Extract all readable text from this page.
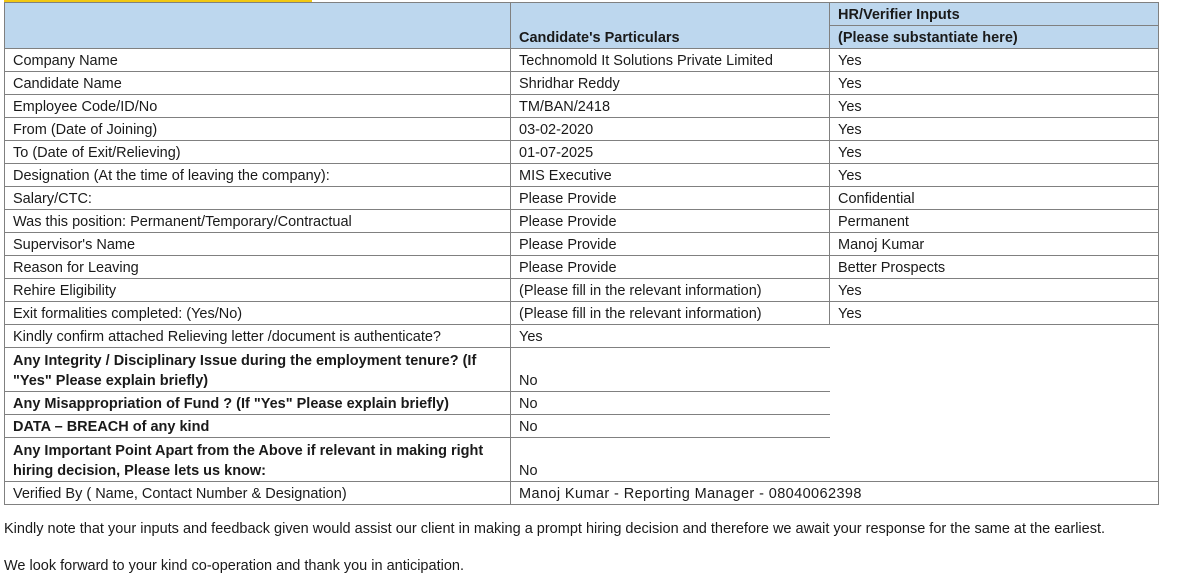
	Candidate's Particulars	HR/Verifier Inputs
		(Please substantiate here)
Company Name	Technomold It Solutions Private Limited	Yes
Candidate Name	Shridhar Reddy	Yes
Employee Code/ID/No	TM/BAN/2418	Yes
From (Date of Joining)	03-02-2020	Yes
To (Date of Exit/Relieving)	01-07-2025	Yes
Designation (At the time of leaving the company):	MIS Executive	Yes
Salary/CTC:	Please Provide	Confidential
Was this position: Permanent/Temporary/Contractual	Please Provide	Permanent
Supervisor's Name	Please Provide	Manoj Kumar
Reason for Leaving	Please Provide	Better Prospects
Rehire Eligibility	(Please fill in the relevant information)	Yes
Exit formalities completed: (Yes/No)	(Please fill in the relevant information)	Yes
Kindly confirm attached Relieving letter /document is authenticate?	Yes	
Any Integrity / Disciplinary Issue during the employment tenure? (If "Yes" Please explain briefly)	No	
Any Misappropriation of Fund ? (If "Yes" Please explain briefly)	No	
DATA – BREACH of any kind	No	
Any Important Point Apart from the Above if relevant in making right hiring decision, Please lets us know:	No	
Verified By ( Name, Contact Number & Designation)	Manoj Kumar - Reporting Manager - 08040062398	

Kindly note that your inputs and feedback given would assist our client in making a prompt hiring decision and therefore we await your response for the same at the earliest.

We look forward to your kind co-operation and thank you in anticipation.
